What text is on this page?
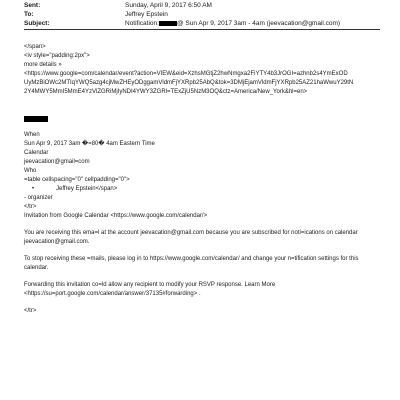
Sent:	Sunday, April 9, 2017 6:50 AM
To:	Jeffrey Epstein
Subject:	Notification:	@ Sun Apr 9, 2017 3am - 4am (jeevacation@gmail.com)
</span>
<iv style="padding:2px">
more details »
<https://www.google=com/calendar/event?action=VIEW&eid=XzhsMGtjZ2hwNmgxa2FiYTY4b3JrOGI=azhnb2s4YmExOD
UyMzBiOWc2MTIqYWQ5azg4cjMwZHEyODggamVldmFjYXRpb25AbQ&tok=3DMjEjamVldmFjYXRpb25AZ21haWwuY29tN
2Y4MWY5MmI5MmE4YzVlZGRiMjIyNDI4YWY3ZGRl=TExZjU5NzM3OQ&ctz=America/New_York&hl=en>
When
Sun Apr 9, 2017 3am �=80� 4am Eastern Time
Calendar
jeevacation@gmail=com
Who
=table cellspacing="0" cellpadding="0">
•	Jeffrey Epstein</span>
- organizer
</tr>
Invitation from Google Calendar <https://www.google.com/calendar/>
You are receiving this ema=l at the account jeevacation@gmail.com because you are subscribed for noti=ications on calendar jeevacation@gmail.com.
To stop receiving these =mails, please log in to https://www.google.com/calendar/ and change your n=tification settings for this calendar.
Forwarding this invitation co=ld allow any recipient to modify your RSVP response. Learn More <https://su=port.google.com/calendar/answer/37135#forwarding> .
</tr>
